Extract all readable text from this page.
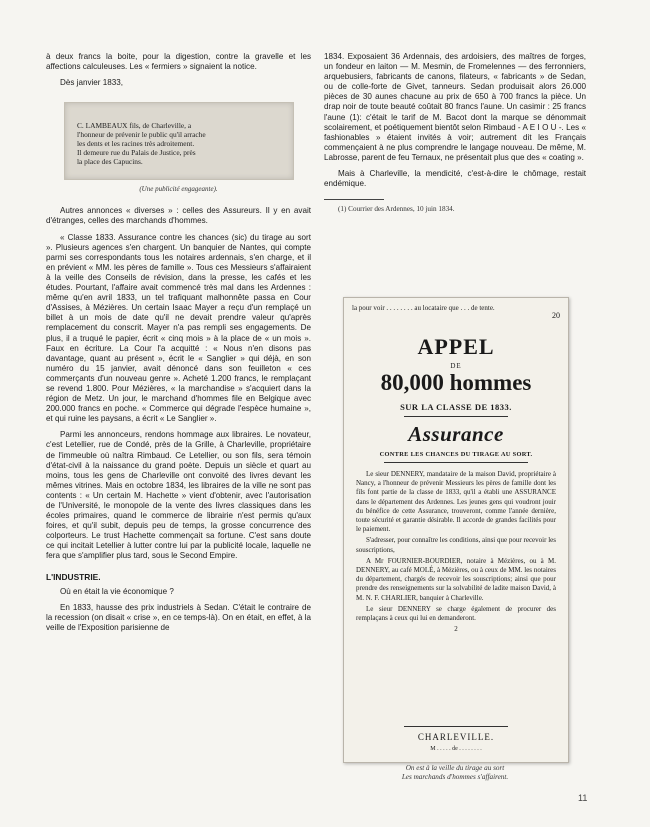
à deux francs la boite, pour la digestion, contre la gravelle et les affections calculeuses. Les « fermiers » signaient la notice.

Dès janvier 1833,

C. LAMBEAUX fils, de Charleville, a
l'honneur de prévenir le public qu'il arrache
les dents et les racines très adroitement.
Il demeure rue du Palais de Justice, près
la place des Capucins.
(Une publicité engageante).

Autres annonces « diverses » : celles des Assureurs. Il y en avait d'étranges, celles des marchands d'hommes.

« Classe 1833. Assurance contre les chances (sic) du tirage au sort ». Plusieurs agences s'en chargent. Un banquier de Nantes, qui compte parmi ses correspondants tous les notaires ardennais, s'en charge, et il en prévient « MM. les pères de famille ». Tous ces Messieurs s'affairaient à la veille des Conseils de révision, dans la presse, les cafés et les études. Pourtant, l'affaire avait commencé très mal dans les Ardennes : même qu'en avril 1833, un tel trafiquant malhonnête passa en Cour d'Assises, à Mézières. Un certain Isaac Mayer a reçu d'un remplaçé un billet à un mois de date qu'il ne devait prendre valeur qu'après remplacement du conscrit. Mayer n'a pas rempli ses engagements. De plus, il a truqué le papier, écrit « cinq mois » à la place de « un mois ». Faux en écriture. La Cour l'a acquitté : « Nous n'en disons pas davantage, quant au présent », écrit le « Sanglier » qui déjà, en son numéro du 15 janvier, avait dénoncé dans son feuilleton « ces commerçants d'un nouveau genre ». Acheté 1.200 francs, le remplaçant se revend 1.800. Pour Mézières, « la marchandise » s'acquiert dans la région de Metz. Un jour, le marchand d'hommes file en Belgique avec 200.000 francs en poche. « Commerce qui dégrade l'espèce humaine », et qui ruine les paysans, a écrit « Le Sanglier ».

Parmi les annonceurs, rendons hommage aux libraires. Le novateur, c'est Letellier, rue de Condé, près de la Grille, à Charleville, propriétaire de l'immeuble où naîtra Rimbaud. Ce Letellier, ou son fils, sera témoin d'état-civil à la naissance du grand poète. Depuis un siècle et quart au moins, tous les gens de Charleville ont convoité des livres devant les mêmes vitrines. Mais en octobre 1834, les libraires de la ville ne sont pas contents : « Un certain M. Hachette » vient d'obtenir, avec l'autorisation de l'Université, le monopole de la vente des livres classiques dans les écoles primaires, quand le commerce de librairie n'est permis qu'aux foires, et qu'il subit, depuis peu de temps, la grosse concurrence des colporteurs. Le trust Hachette commençait sa fortune. C'est sans doute ce qui incitait Letellier à lutter contre lui par la publicité locale, laquelle ne fera que s'amplifier plus tard, sous le Second Empire.

L'INDUSTRIE.

Où en était la vie économique ?

En 1833, hausse des prix industriels à Sedan. C'était le contraire de la recession (on disait « crise », en ce temps-là). On en était, en effet, à la veille de l'Exposition parisienne de

1834. Exposaient 36 Ardennais, des ardoisiers, des maîtres de forges, un fondeur en laiton — M. Mesmin, de Fromelennes — des ferronniers, arquebusiers, fabricants de canons, filateurs, « fabricants » de Sedan, ou de colle-forte de Givet, tanneurs. Sedan produisait alors 26.000 pièces de 30 aunes chacune au prix de 650 à 700 francs la pièce. Un drap noir de toute beauté coûtait 80 francs l'aune. Un casimir : 25 francs l'aune (1): c'était le tarif de M. Bacot dont la marque se dénommait scolairement, et poétiquement bientôt selon Rimbaud - A E I O U -. Les « fashionables » étaient invités à voir; autrement dit les Français commençaient à ne plus comprendre le langage nouveau. De même, M. Labrosse, parent de feu Ternaux, ne présentait plus que des « coating ».

Mais à Charleville, la mendicité, c'est-à-dire le chômage, restait endémique.

(1) Courrier des Ardennes, 10 juin 1834.

la pour voir . . . . . . . . au locataire que . . . de tente.
20
APPEL
DE
80,000 hommes
SUR LA CLASSE DE 1833.
Assurance
CONTRE LES CHANCES DU TIRAGE AU SORT.

Le sieur DENNERY, mandataire de la maison David, propriétaire à Nancy, a l'honneur de prévenir Messieurs les pères de famille dont les fils font partie de la classe de 1833, qu'il a établi une ASSURANCE dans le département des Ardennes. Les jeunes gens qui voudront jouir du bénéfice de cette Assurance, trouveront, comme l'année dernière, toute sécurité et garantie désirable. Il accorde de grandes facilités pour le paiement.

S'adresser, pour connaître les conditions, ainsi que pour recevoir les souscriptions,

A Mr FOURNIER-BOURDIER, notaire à Mézières, ou à M. DENNERY, au café MOLÉ, à Mézières, ou à ceux de MM. les notaires du département, chargés de recevoir les souscriptions; ainsi que pour prendre des renseignements sur la solvabilité de ladite maison David, à M. N. F. CHARLIER, banquier à Charleville.

Le sieur DENNERY se charge également de procurer des remplaçans à ceux qui lui en demanderont.

2
CHARLEVILLE.
M . . . . . de . . . . . . . .
On est à la veille du tirage au sort
Les marchands d'hommes s'affairent.
11
